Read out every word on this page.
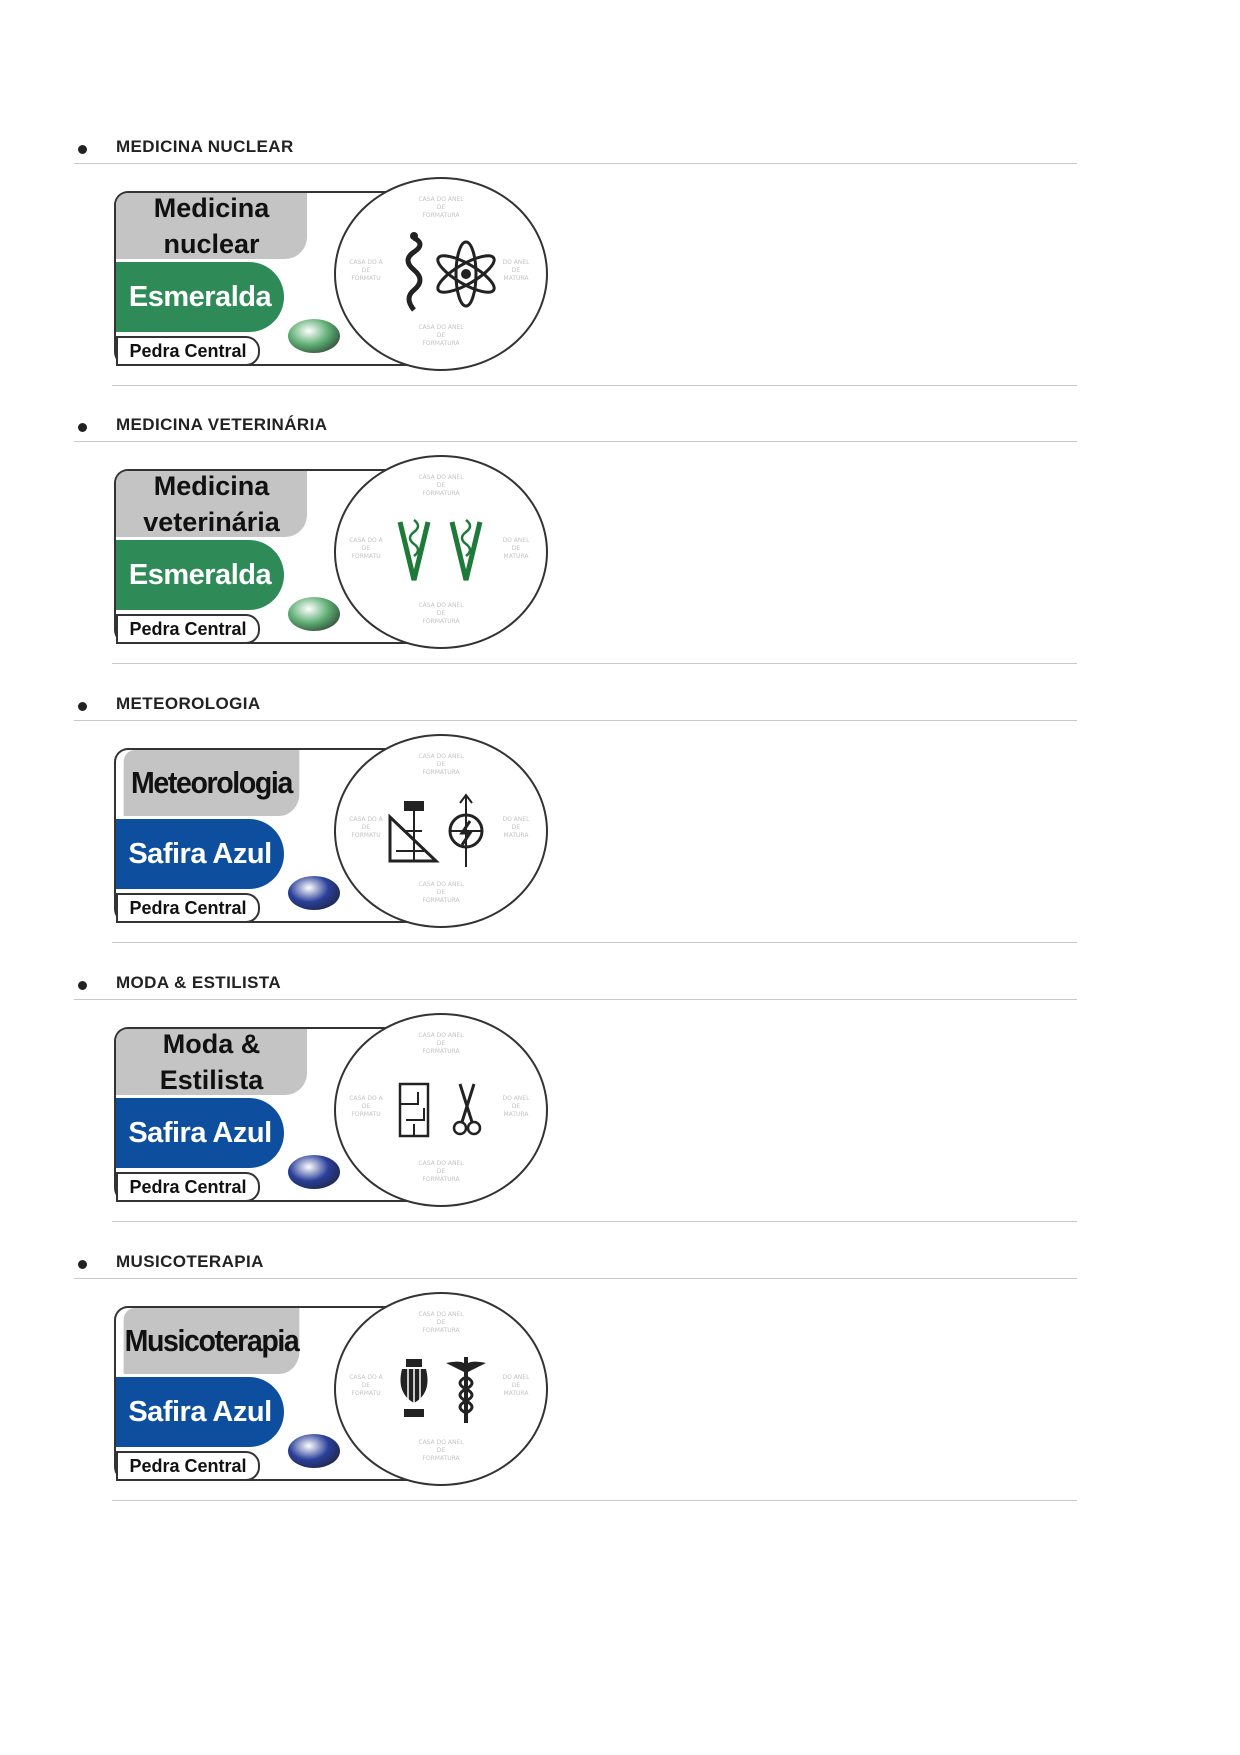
MEDICINA NUCLEAR
Medicina
nuclear
Esmeralda
Pedra Central
CASA DO ANEL
DE
FORMATURA
CASA DO A
DE
FORMATU
DO ANEL
DE
MATURA
CASA DO ANEL
DE
FORMATURA
MEDICINA VETERINÁRIA
Medicina
veterinária
Esmeralda
Pedra Central
CASA DO ANEL
DE
FORMATURA
CASA DO A
DE
FORMATU
DO ANEL
DE
MATURA
CASA DO ANEL
DE
FORMATURA
METEOROLOGIA
Meteorologia
Safira Azul
Pedra Central
CASA DO ANEL
DE
FORMATURA
CASA DO A
DE
FORMATU
DO ANEL
DE
MATURA
CASA DO ANEL
DE
FORMATURA
MODA & ESTILISTA
Moda &
Estilista
Safira Azul
Pedra Central
CASA DO ANEL
DE
FORMATURA
CASA DO A
DE
FORMATU
DO ANEL
DE
MATURA
CASA DO ANEL
DE
FORMATURA
MUSICOTERAPIA
Musicoterapia
Safira Azul
Pedra Central
CASA DO ANEL
DE
FORMATURA
CASA DO A
DE
FORMATU
DO ANEL
DE
MATURA
CASA DO ANEL
DE
FORMATURA
